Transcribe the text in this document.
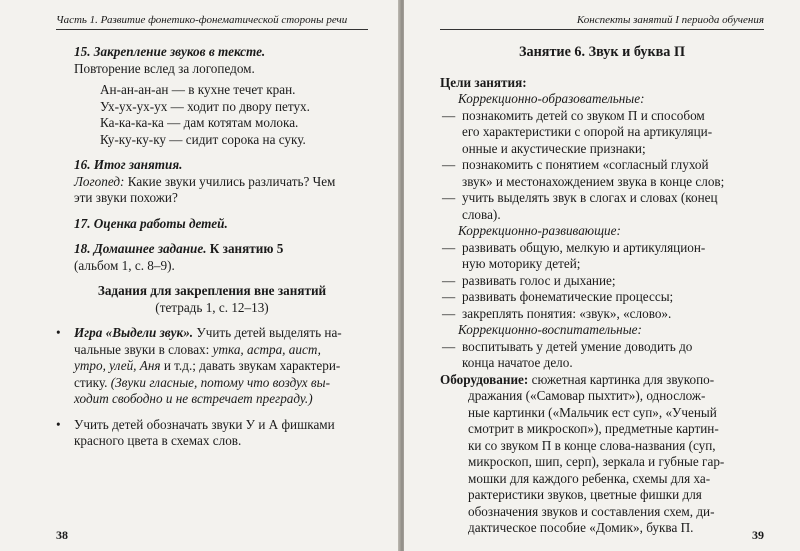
Часть 1. Развитие фонетико-фонематической стороны речи

15. Закрепление звуков в тексте.

Повторение вслед за логопедом.

Ан-ан-ан-ан — в кухне течет кран.

Ух-ух-ух-ух — ходит по двору петух.

Ка-ка-ка-ка — дам котятам молока.

Ку-ку-ку-ку — сидит сорока на суку.

16. Итог занятия.

Логопед: Какие звуки учились различать? Чем

эти звуки похожи?

17. Оценка работы детей.

18. Домашнее задание. К занятию 5

(альбом 1, с. 8–9).

Задания для закрепления вне занятий

(тетрадь 1, с. 12–13)

•	Игра «Выдели звук». Учить детей выделять на-

чальные звуки в словах: утка, астра, аист,

утро, улей, Аня и т.д.; давать звукам характери-

стику. (Звуки гласные, потому что воздух вы-

ходит свободно и не встречает преграду.)

•	Учить детей обозначать звуки У и А фишками

красного цвета в схемах слов.

38
Конспекты занятий I периода обучения

Занятие 6. Звук и буква П

Цели занятия:

Коррекционно-образовательные:

— познакомить детей со звуком П и способом

его характеристики с опорой на артикуляци-

онные и акустические признаки;

— познакомить с понятием «согласный глухой

звук» и местонахождением звука в конце слов;

— учить выделять звук в слогах и словах (конец

слова).

Коррекционно-развивающие:

— развивать общую, мелкую и артикуляцион-

ную моторику детей;

— развивать голос и дыхание;

— развивать фонематические процессы;

— закреплять понятия: «звук», «слово».

Коррекционно-воспитательные:

— воспитывать у детей умение доводить до

конца начатое дело.

Оборудование: сюжетная картинка для звукопо-

дражания («Самовар пыхтит»), однослож-

ные картинки («Мальчик ест суп», «Ученый

смотрит в микроскоп»), предметные картин-

ки со звуком П в конце слова-названия (суп,

микроскоп, шип, серп), зеркала и губные гар-

мошки для каждого ребенка, схемы для ха-

рактеристики звуков, цветные фишки для

обозначения звуков и составления схем, ди-

дактическое пособие «Домик», буква П.	39
